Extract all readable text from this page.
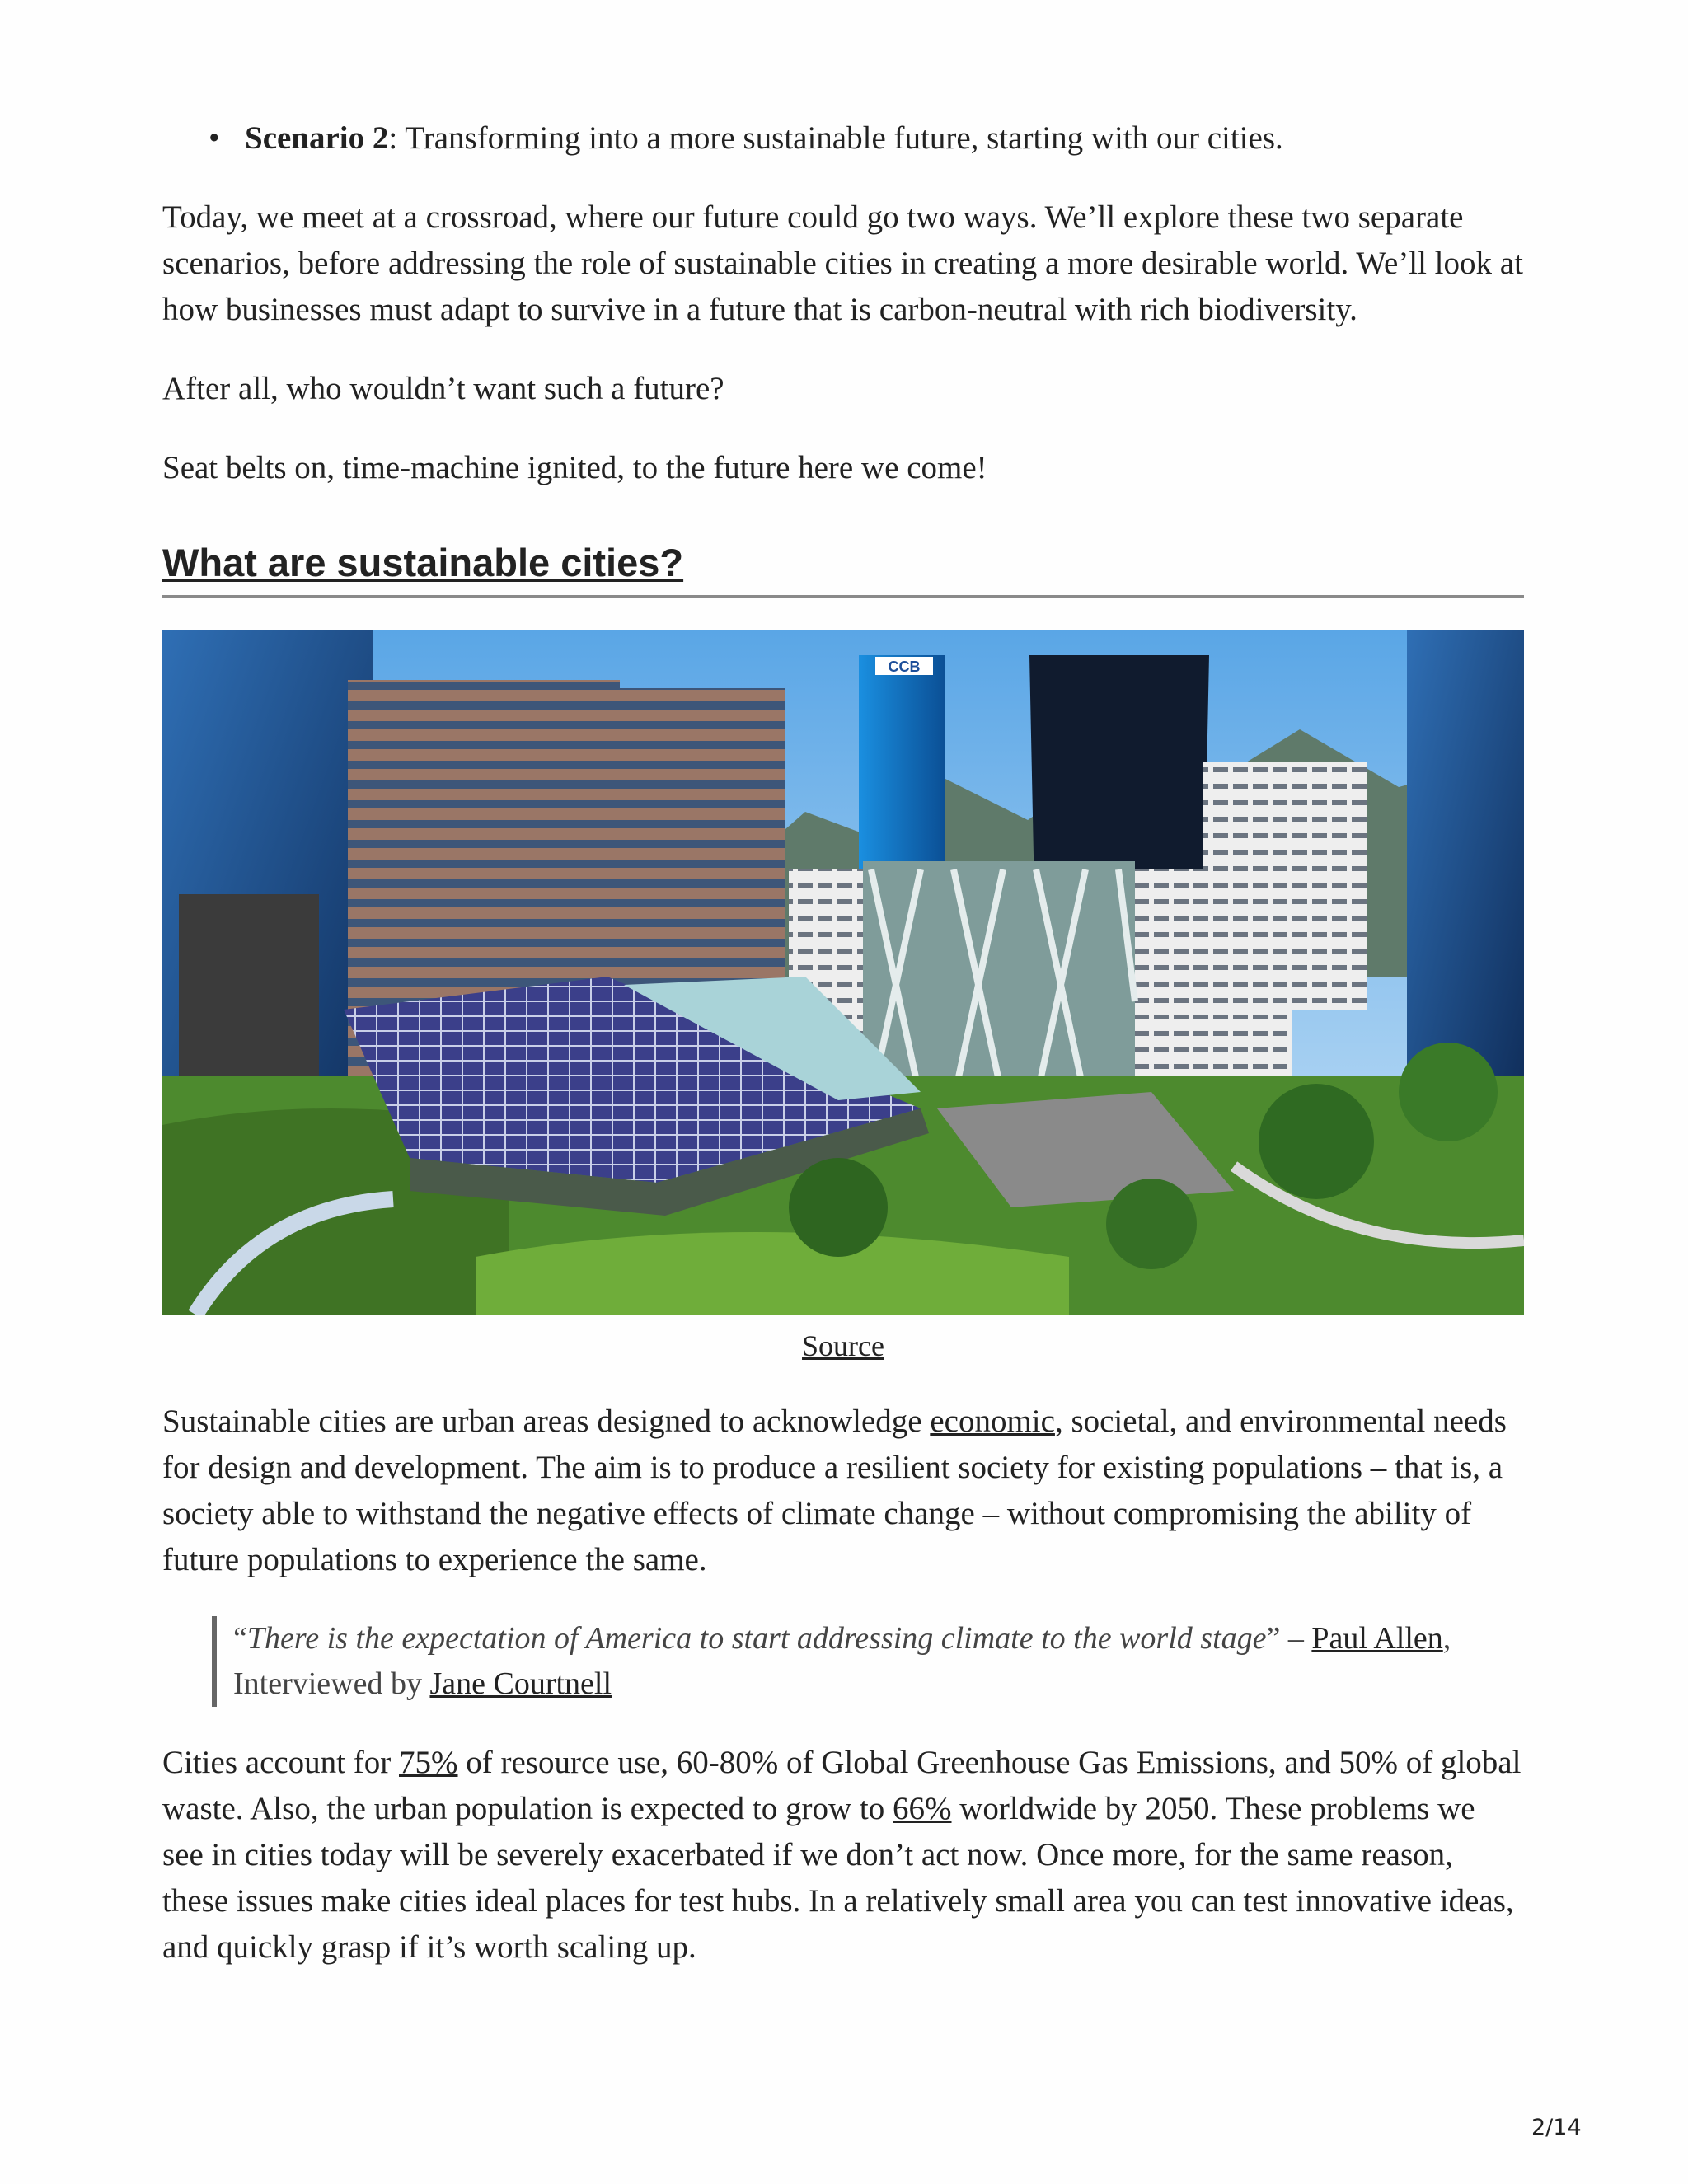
• Scenario 2: Transforming into a more sustainable future, starting with our cities.

Today, we meet at a crossroad, where our future could go two ways. We’ll explore these two separate scenarios, before addressing the role of sustainable cities in creating a more desirable world. We’ll look at how businesses must adapt to survive in a future that is carbon-neutral with rich biodiversity.

After all, who wouldn’t want such a future?

Seat belts on, time-machine ignited, to the future here we come!

What are sustainable cities?
CCB
Source

Sustainable cities are urban areas designed to acknowledge economic, societal, and environmental needs for design and development. The aim is to produce a resilient society for existing populations – that is, a society able to withstand the negative effects of climate change – without compromising the ability of future populations to experience the same.

“There is the expectation of America to start addressing climate to the world stage” – Paul Allen, Interviewed by Jane Courtnell

Cities account for 75% of resource use, 60-80% of Global Greenhouse Gas Emissions, and 50% of global waste. Also, the urban population is expected to grow to 66% worldwide by 2050. These problems we see in cities today will be severely exacerbated if we don’t act now. Once more, for the same reason, these issues make cities ideal places for test hubs. In a relatively small area you can test innovative ideas, and quickly grasp if it’s worth scaling up.

2/14
